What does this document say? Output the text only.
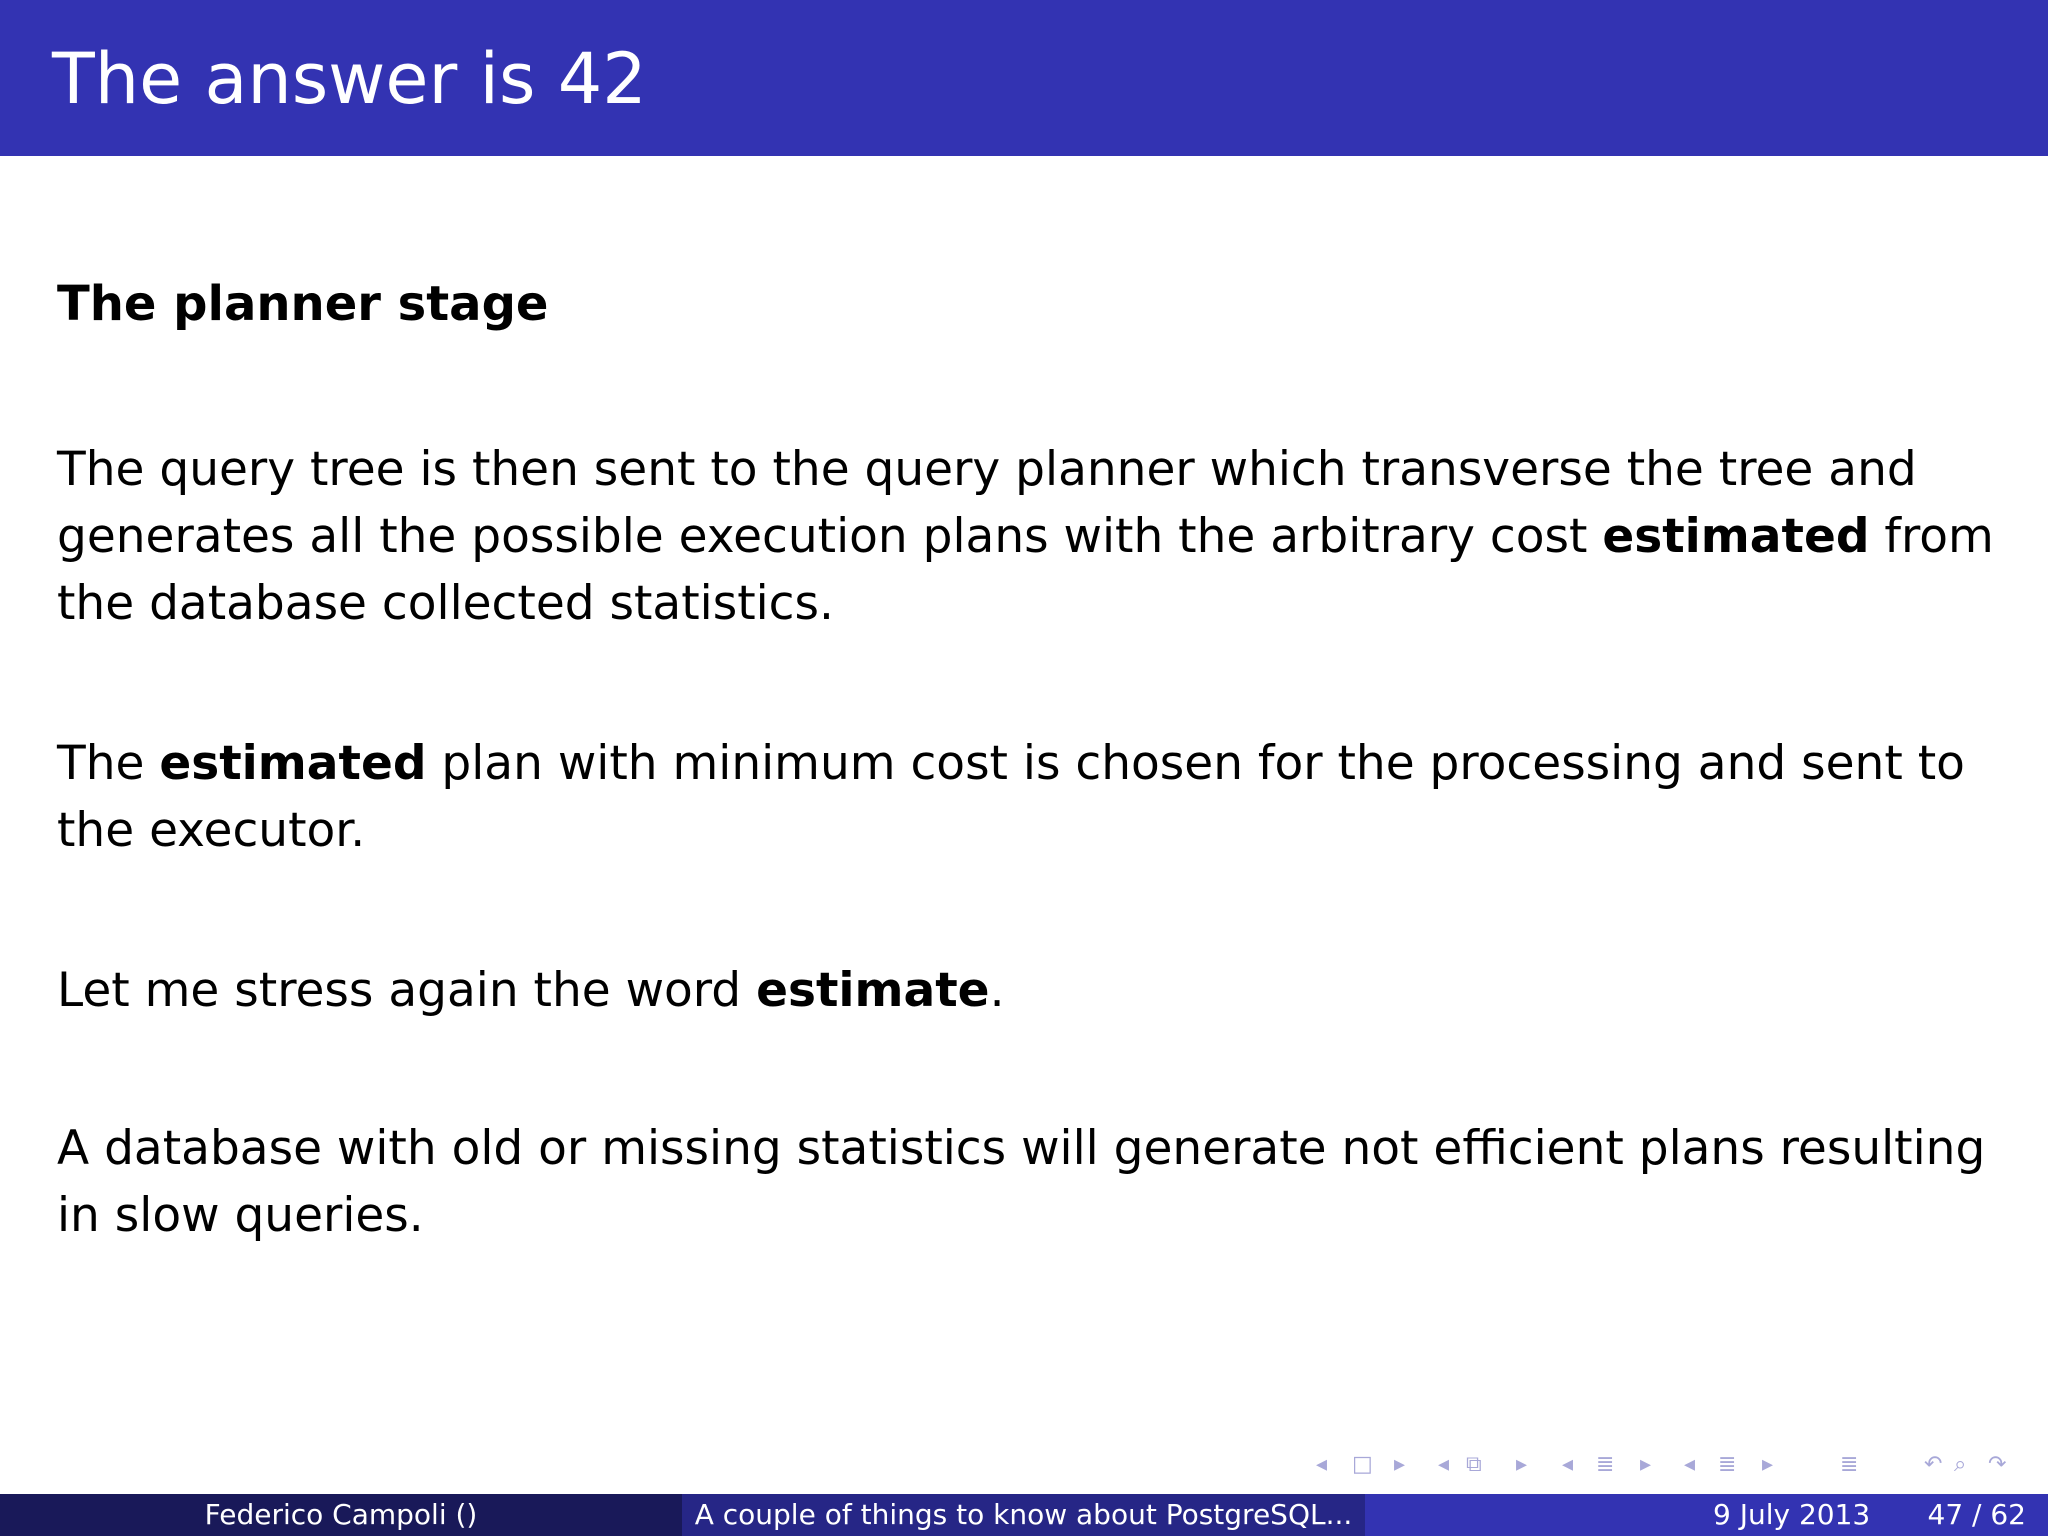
The answer is 42
The planner stage
The query tree is then sent to the query planner which transverse the tree and
generates all the possible execution plans with the arbitrary cost estimated from
the database collected statistics.
The estimated plan with minimum cost is chosen for the processing and sent to
the executor.
Let me stress again the word estimate.
A database with old or missing statistics will generate not efficient plans resulting
in slow queries.
◂ □ ▸ ◂ ⧉ ▸ ◂ ≣ ▸ ◂ ≣ ▸	≣	↶ ⌕ ↷
Federico Campoli ()	A couple of things to know about PostgreSQL...	9 July 2013 47 / 62
